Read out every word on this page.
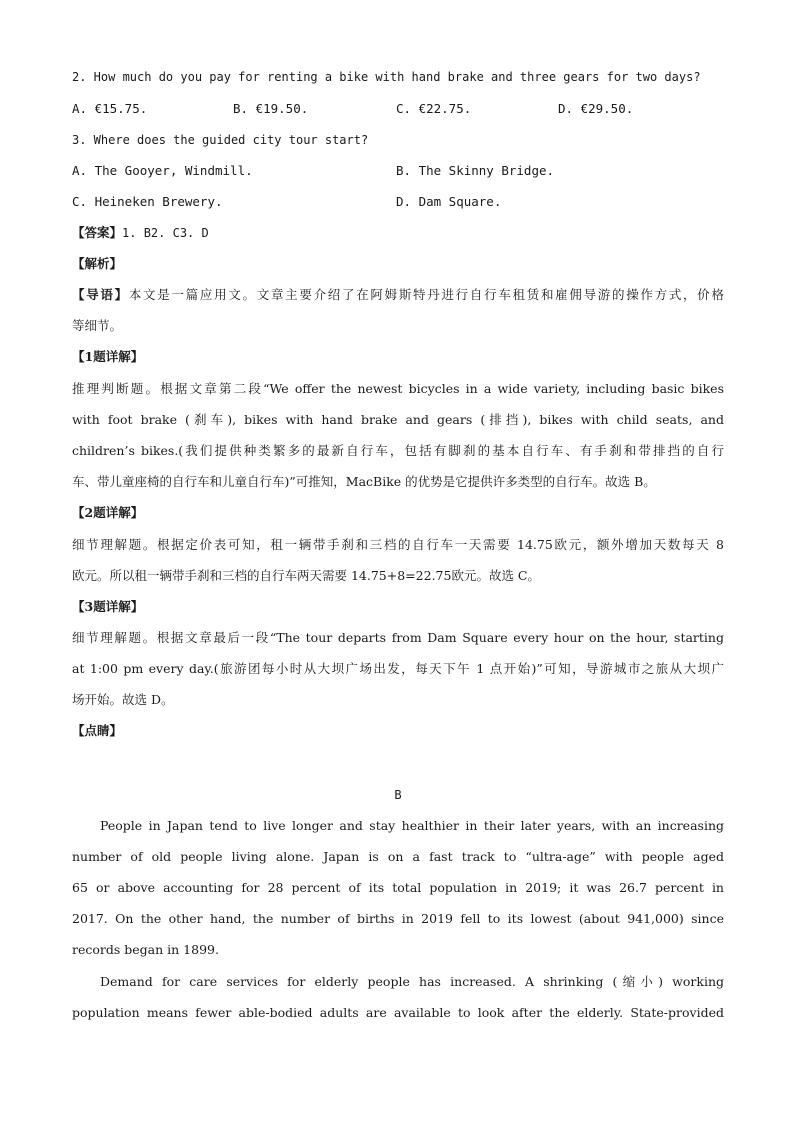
2. How much do you pay for renting a bike with hand brake and three gears for two days?
A. €15.75.	B. €19.50.	C. €22.75.	D. €29.50.
3. Where does the guided city tour start?
A. The Gooyer, Windmill.	B. The Skinny Bridge.
C. Heineken Brewery.	D. Dam Square.
【答案】1. B2. C3. D
【解析】
【导语】本文是一篇应用文。文章主要介绍了在阿姆斯特丹进行自行车租赁和雇佣导游的操作方式，价格
等细节。
【1题详解】
推理判断题。根据文章第二段“We offer the newest bicycles in a wide variety, including basic bikes
with foot brake (刹车), bikes with hand brake and gears (排挡), bikes with child seats, and
children’s bikes.(我们提供种类繁多的最新自行车，包括有脚刹的基本自行车、有手刹和带排挡的自行
车、带儿童座椅的自行车和儿童自行车)”可推知，MacBike 的优势是它提供许多类型的自行车。故选 B。
【2题详解】
细节理解题。根据定价表可知，租一辆带手刹和三档的自行车一天需要 14.75欧元，额外增加天数每天 8
欧元。所以租一辆带手刹和三档的自行车两天需要 14.75+8=22.75欧元。故选 C。
【3题详解】
细节理解题。根据文章最后一段“The tour departs from Dam Square every hour on the hour, starting
at 1:00 pm every day.(旅游团每小时从大坝广场出发，每天下午 1 点开始)”可知，导游城市之旅从大坝广
场开始。故选 D。
【点睛】
B
People in Japan tend to live longer and stay healthier in their later years, with an increasing
number of old people living alone. Japan is on a fast track to “ultra-age” with people aged
65 or above accounting for 28 percent of its total population in 2019; it was 26.7 percent in
2017. On the other hand, the number of births in 2019 fell to its lowest (about 941,000) since
records began in 1899.
Demand for care services for elderly people has increased. A shrinking (缩小) working
population means fewer able-bodied adults are available to look after the elderly. State-provided
